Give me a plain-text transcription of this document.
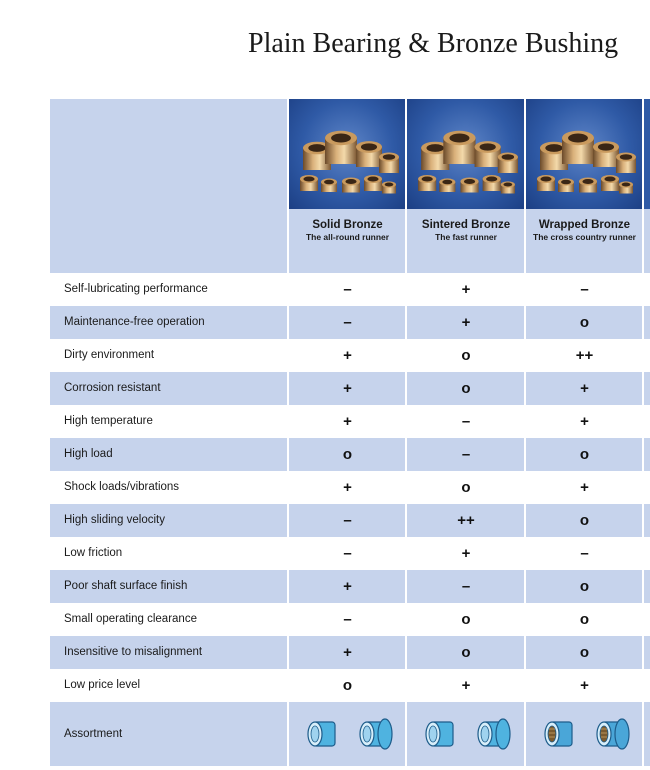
Plain Bearing & Bronze Bushing
Solid Bronze
The all-round runner
Sintered Bronze
The fast runner
Wrapped Bronze
The cross country runner
Self-lubricating performance	–	+	–
Maintenance-free operation	–	+	o
Dirty environment	+	o	++
Corrosion resistant	+	o	+
High temperature	+	–	+
High load	o	–	o
Shock loads/vibrations	+	o	+
High sliding velocity	–	++	o
Low friction	–	+	–
Poor shaft surface finish	+	–	o
Small operating clearance	–	o	o
Insensitive to misalignment	+	o	o
Low price level	o	+	+
Assortment
